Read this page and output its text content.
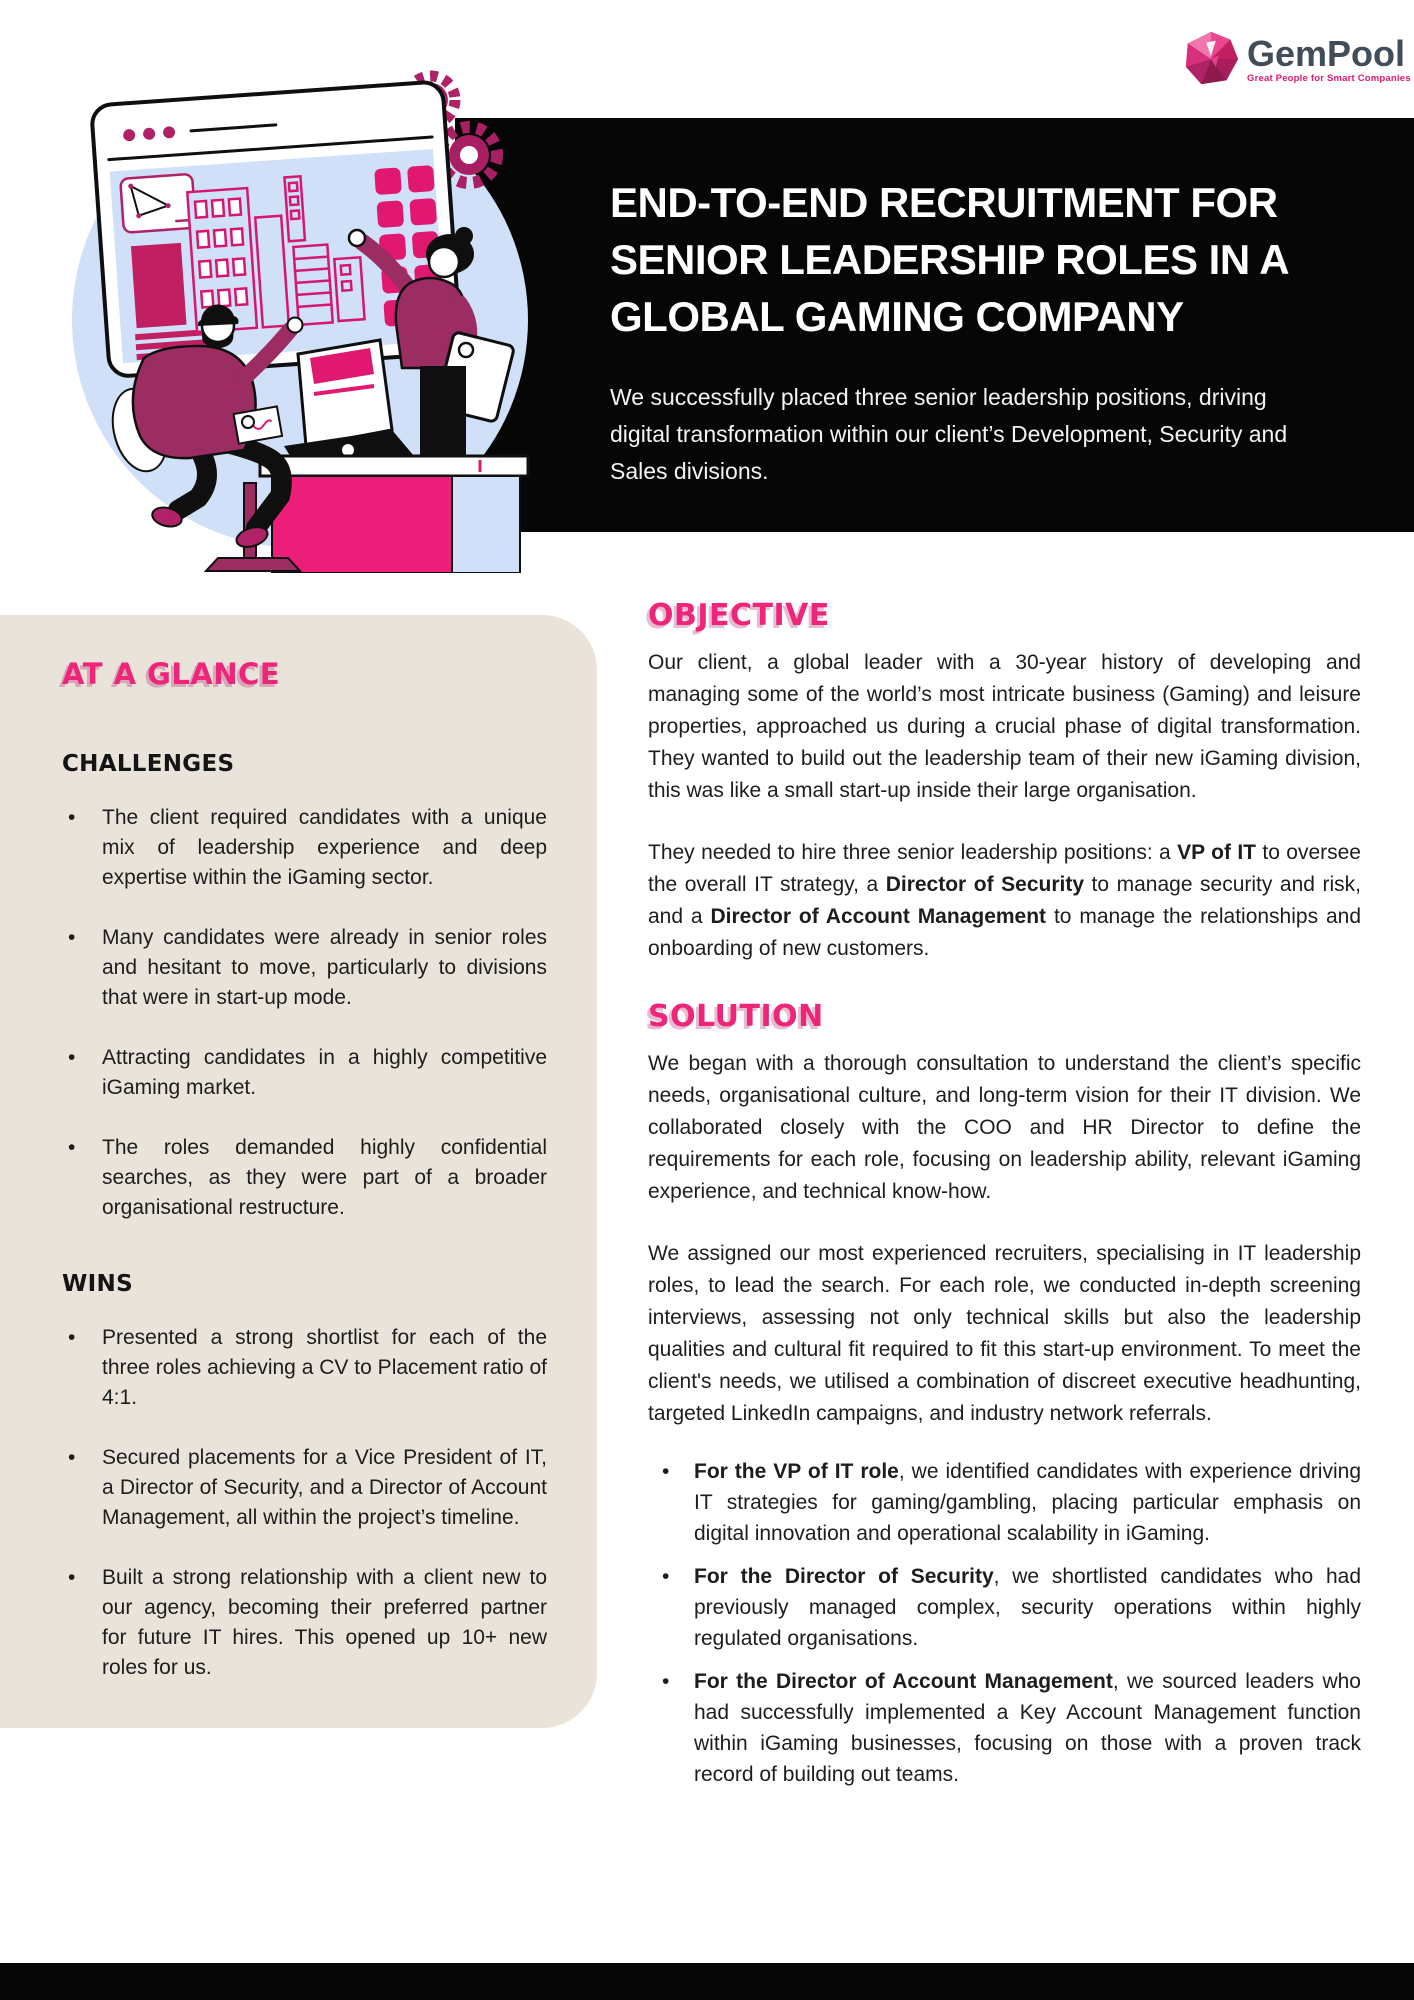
END-TO-END RECRUITMENT FOR
SENIOR LEADERSHIP ROLES IN A
GLOBAL GAMING COMPANY
We successfully placed three senior leadership positions, driving digital transformation within our client’s Development, Security and Sales divisions.
GemPool
Great People for Smart Companies
AT A GLANCE
CHALLENGES
•	The client required candidates with a unique mix of leadership experience and deep expertise within the iGaming sector.
•	Many candidates were already in senior roles and hesitant to move, particularly to divisions that were in start-up mode.
•	Attracting candidates in a highly competitive iGaming market.
•	The roles demanded highly confidential searches, as they were part of a broader organisational restructure.
WINS
•	Presented a strong shortlist for each of the three roles achieving a CV to Placement ratio of 4:1.
•	Secured placements for a Vice President of IT, a Director of Security, and a Director of Account Management, all within the project’s timeline.
•	Built a strong relationship with a client new to our agency, becoming their preferred partner for future IT hires. This opened up 10+ new roles for us.
OBJECTIVE

Our client, a global leader with a 30-year history of developing and managing some of the world’s most intricate business (Gaming) and leisure properties, approached us during a crucial phase of digital transformation. They wanted to build out the leadership team of their new iGaming division, this was like a small start-up inside their large organisation.

They needed to hire three senior leadership positions: a VP of IT to oversee the overall IT strategy, a Director of Security to manage security and risk, and a Director of Account Management to manage the relationships and onboarding of new customers.

SOLUTION

We began with a thorough consultation to understand the client’s specific needs, organisational culture, and long-term vision for their IT division. We collaborated closely with the COO and HR Director to define the requirements for each role, focusing on leadership ability, relevant iGaming experience, and technical know-how.

We assigned our most experienced recruiters, specialising in IT leadership roles, to lead the search. For each role, we conducted in-depth screening interviews, assessing not only technical skills but also the leadership qualities and cultural fit required to fit this start-up environment. To meet the client's needs, we utilised a combination of discreet executive headhunting, targeted LinkedIn campaigns, and industry network referrals.

•	For the VP of IT role, we identified candidates with experience driving IT strategies for gaming/gambling, placing particular emphasis on digital innovation and operational scalability in iGaming.
•	For the Director of Security, we shortlisted candidates who had previously managed complex, security operations within highly regulated organisations.
•	For the Director of Account Management, we sourced leaders who had successfully implemented a Key Account Management function within iGaming businesses, focusing on those with a proven track record of building out teams.
